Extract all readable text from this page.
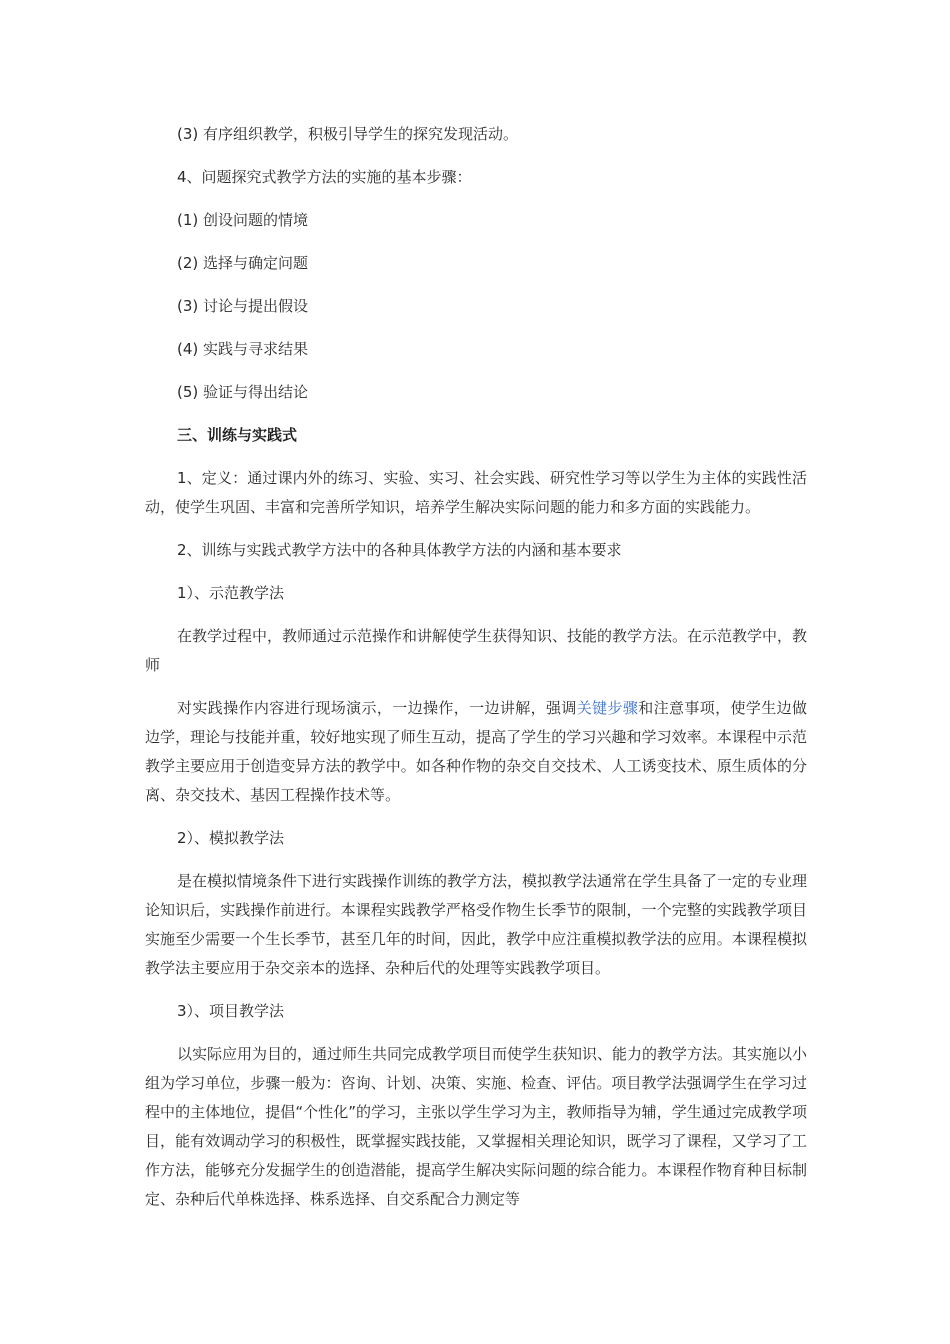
(3) 有序组织教学，积极引导学生的探究发现活动。

4、问题探究式教学方法的实施的基本步骤：

(1) 创设问题的情境

(2) 选择与确定问题

(3) 讨论与提出假设

(4) 实践与寻求结果

(5) 验证与得出结论

三、训练与实践式

1、定义：通过课内外的练习、实验、实习、社会实践、研究性学习等以学生为主体的实践性活动，使学生巩固、丰富和完善所学知识，培养学生解决实际问题的能力和多方面的实践能力。

2、训练与实践式教学方法中的各种具体教学方法的内涵和基本要求

1）、示范教学法

在教学过程中，教师通过示范操作和讲解使学生获得知识、技能的教学方法。在示范教学中，教师

对实践操作内容进行现场演示，一边操作，一边讲解，强调关键步骤和注意事项，使学生边做边学，理论与技能并重，较好地实现了师生互动，提高了学生的学习兴趣和学习效率。本课程中示范教学主要应用于创造变异方法的教学中。如各种作物的杂交自交技术、人工诱变技术、原生质体的分离、杂交技术、基因工程操作技术等。

2）、模拟教学法

是在模拟情境条件下进行实践操作训练的教学方法，模拟教学法通常在学生具备了一定的专业理论知识后，实践操作前进行。本课程实践教学严格受作物生长季节的限制，一个完整的实践教学项目实施至少需要一个生长季节，甚至几年的时间，因此，教学中应注重模拟教学法的应用。本课程模拟教学法主要应用于杂交亲本的选择、杂种后代的处理等实践教学项目。

3）、项目教学法

以实际应用为目的，通过师生共同完成教学项目而使学生获知识、能力的教学方法。其实施以小组为学习单位，步骤一般为：咨询、计划、决策、实施、检查、评估。项目教学法强调学生在学习过程中的主体地位，提倡“个性化”的学习，主张以学生学习为主，教师指导为辅，学生通过完成教学项目，能有效调动学习的积极性，既掌握实践技能，又掌握相关理论知识，既学习了课程，又学习了工作方法，能够充分发掘学生的创造潜能，提高学生解决实际问题的综合能力。本课程作物育种目标制定、杂种后代单株选择、株系选择、自交系配合力测定等
